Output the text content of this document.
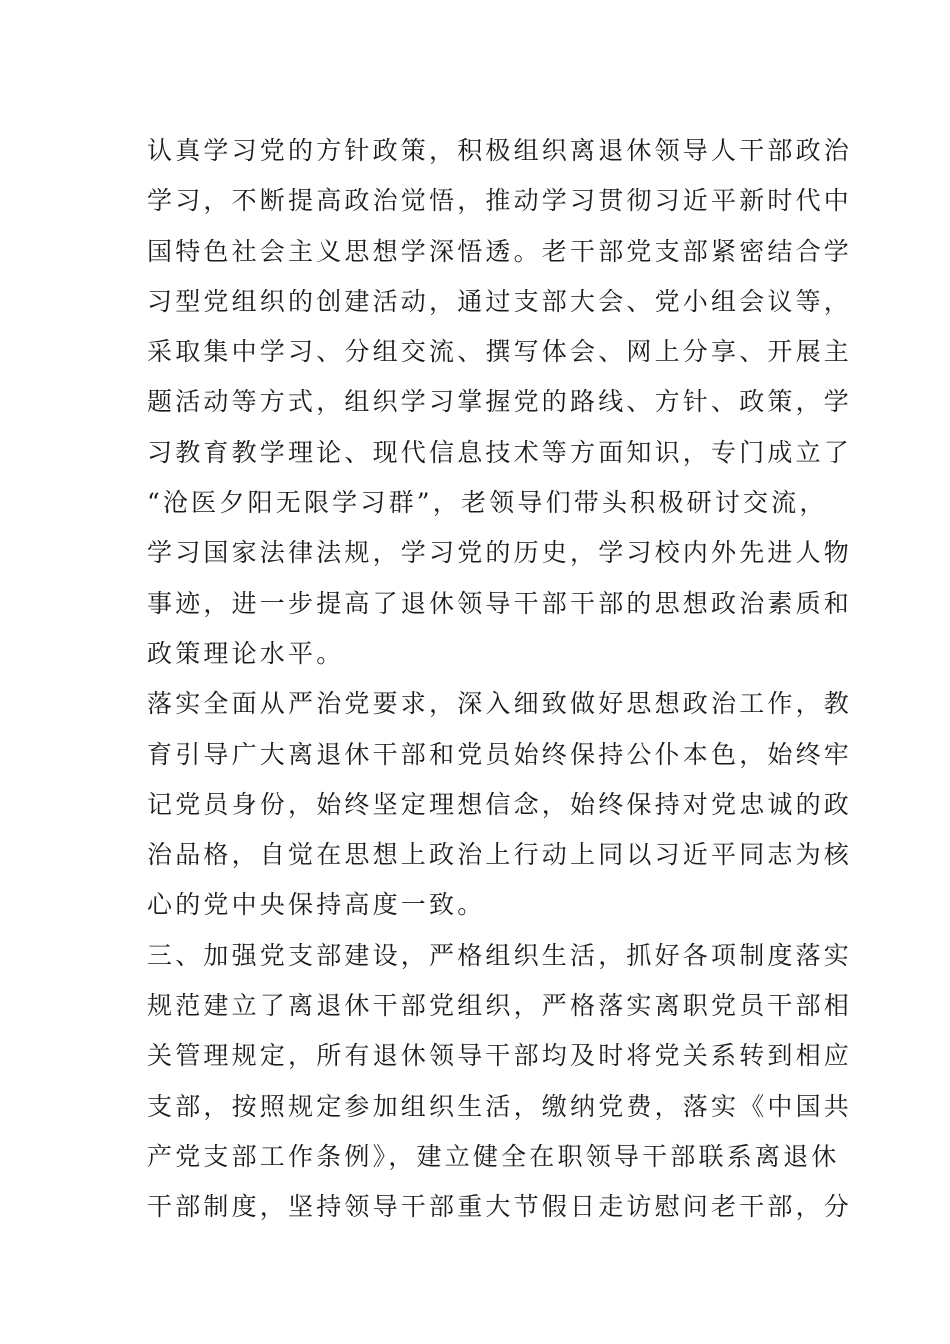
认真学习党的方针政策，积极组织离退休领导人干部政治
学习，不断提高政治觉悟，推动学习贯彻习近平新时代中
国特色社会主义思想学深悟透。老干部党支部紧密结合学
习型党组织的创建活动，通过支部大会、党小组会议等，
采取集中学习、分组交流、撰写体会、网上分享、开展主
题活动等方式，组织学习掌握党的路线、方针、政策，学
习教育教学理论、现代信息技术等方面知识，专门成立了
“沧医夕阳无限学习群”，老领导们带头积极研讨交流，
学习国家法律法规，学习党的历史，学习校内外先进人物
事迹，进一步提高了退休领导干部干部的思想政治素质和
政策理论水平。
落实全面从严治党要求，深入细致做好思想政治工作，教
育引导广大离退休干部和党员始终保持公仆本色，始终牢
记党员身份，始终坚定理想信念，始终保持对党忠诚的政
治品格，自觉在思想上政治上行动上同以习近平同志为核
心的党中央保持高度一致。
三、加强党支部建设，严格组织生活，抓好各项制度落实
规范建立了离退休干部党组织，严格落实离职党员干部相
关管理规定，所有退休领导干部均及时将党关系转到相应
支部，按照规定参加组织生活，缴纳党费，落实《中国共
产党支部工作条例》，建立健全在职领导干部联系离退休
干部制度，坚持领导干部重大节假日走访慰问老干部，分
